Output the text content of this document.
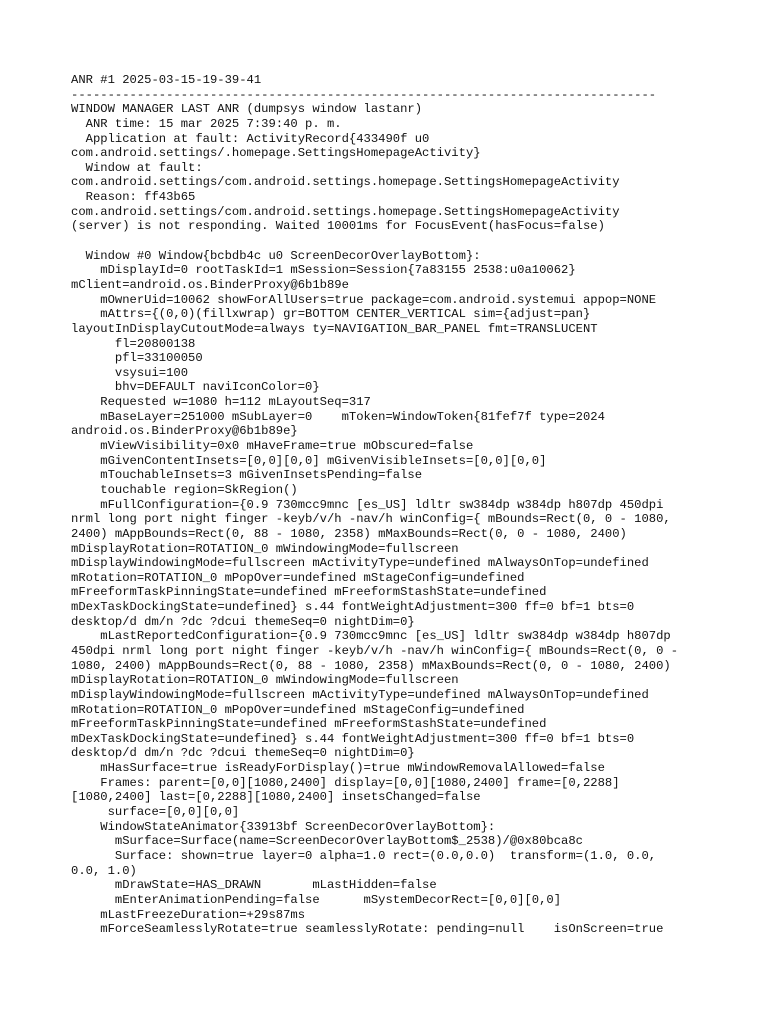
ANR #1 2025-03-15-19-39-41
--------------------------------------------------------------------------------
WINDOW MANAGER LAST ANR (dumpsys window lastanr)
ANR time: 15 mar 2025 7:39:40 p. m.
Application at fault: ActivityRecord{433490f u0
com.android.settings/.homepage.SettingsHomepageActivity}
Window at fault:
com.android.settings/com.android.settings.homepage.SettingsHomepageActivity
Reason: ff43b65
com.android.settings/com.android.settings.homepage.SettingsHomepageActivity
(server) is not responding. Waited 10001ms for FocusEvent(hasFocus=false)
Window #0 Window{bcbdb4c u0 ScreenDecorOverlayBottom}:
mDisplayId=0 rootTaskId=1 mSession=Session{7a83155 2538:u0a10062}
mClient=android.os.BinderProxy@6b1b89e
mOwnerUid=10062 showForAllUsers=true package=com.android.systemui appop=NONE
mAttrs={(0,0)(fillxwrap) gr=BOTTOM CENTER_VERTICAL sim={adjust=pan}
layoutInDisplayCutoutMode=always ty=NAVIGATION_BAR_PANEL fmt=TRANSLUCENT
fl=20800138
pfl=33100050
vsysui=100
bhv=DEFAULT naviIconColor=0}
Requested w=1080 h=112 mLayoutSeq=317
mBaseLayer=251000 mSubLayer=0    mToken=WindowToken{81fef7f type=2024
android.os.BinderProxy@6b1b89e}
mViewVisibility=0x0 mHaveFrame=true mObscured=false
mGivenContentInsets=[0,0][0,0] mGivenVisibleInsets=[0,0][0,0]
mTouchableInsets=3 mGivenInsetsPending=false
touchable region=SkRegion()
mFullConfiguration={0.9 730mcc9mnc [es_US] ldltr sw384dp w384dp h807dp 450dpi
nrml long port night finger -keyb/v/h -nav/h winConfig={ mBounds=Rect(0, 0 - 1080,
2400) mAppBounds=Rect(0, 88 - 1080, 2358) mMaxBounds=Rect(0, 0 - 1080, 2400)
mDisplayRotation=ROTATION_0 mWindowingMode=fullscreen
mDisplayWindowingMode=fullscreen mActivityType=undefined mAlwaysOnTop=undefined
mRotation=ROTATION_0 mPopOver=undefined mStageConfig=undefined
mFreeformTaskPinningState=undefined mFreeformStashState=undefined
mDexTaskDockingState=undefined} s.44 fontWeightAdjustment=300 ff=0 bf=1 bts=0
desktop/d dm/n ?dc ?dcui themeSeq=0 nightDim=0}
mLastReportedConfiguration={0.9 730mcc9mnc [es_US] ldltr sw384dp w384dp h807dp
450dpi nrml long port night finger -keyb/v/h -nav/h winConfig={ mBounds=Rect(0, 0 -
1080, 2400) mAppBounds=Rect(0, 88 - 1080, 2358) mMaxBounds=Rect(0, 0 - 1080, 2400)
mDisplayRotation=ROTATION_0 mWindowingMode=fullscreen
mDisplayWindowingMode=fullscreen mActivityType=undefined mAlwaysOnTop=undefined
mRotation=ROTATION_0 mPopOver=undefined mStageConfig=undefined
mFreeformTaskPinningState=undefined mFreeformStashState=undefined
mDexTaskDockingState=undefined} s.44 fontWeightAdjustment=300 ff=0 bf=1 bts=0
desktop/d dm/n ?dc ?dcui themeSeq=0 nightDim=0}
mHasSurface=true isReadyForDisplay()=true mWindowRemovalAllowed=false
Frames: parent=[0,0][1080,2400] display=[0,0][1080,2400] frame=[0,2288]
[1080,2400] last=[0,2288][1080,2400] insetsChanged=false
surface=[0,0][0,0]
WindowStateAnimator{33913bf ScreenDecorOverlayBottom}:
mSurface=Surface(name=ScreenDecorOverlayBottom$_2538)/@0x80bca8c
Surface: shown=true layer=0 alpha=1.0 rect=(0.0,0.0)  transform=(1.0, 0.0,
0.0, 1.0)
mDrawState=HAS_DRAWN       mLastHidden=false
mEnterAnimationPending=false      mSystemDecorRect=[0,0][0,0]
mLastFreezeDuration=+29s87ms
mForceSeamlesslyRotate=true seamlesslyRotate: pending=null    isOnScreen=true
